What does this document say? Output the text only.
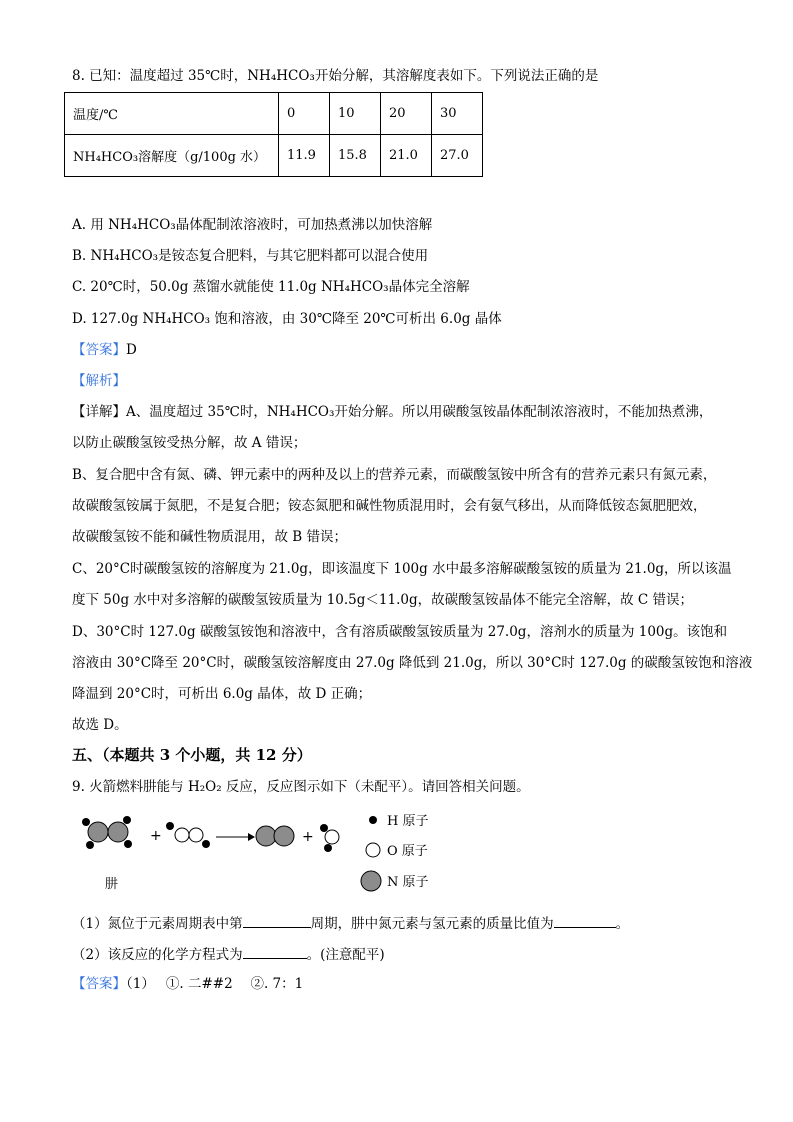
8. 已知：温度超过 35℃时，NH₄HCO₃开始分解，其溶解度表如下。下列说法正确的是
温度/℃	0	10	20	30
NH₄HCO₃溶解度（g/100g 水）	11.9	15.8	21.0	27.0
A. 用 NH₄HCO₃晶体配制浓溶液时，可加热煮沸以加快溶解
B. NH₄HCO₃是铵态复合肥料，与其它肥料都可以混合使用
C. 20℃时，50.0g 蒸馏水就能使 11.0g NH₄HCO₃晶体完全溶解
D. 127.0g NH₄HCO₃ 饱和溶液，由 30℃降至 20℃可析出 6.0g 晶体
【答案】D
【解析】
【详解】A、温度超过 35℃时，NH₄HCO₃开始分解。所以用碳酸氢铵晶体配制浓溶液时，不能加热煮沸，
以防止碳酸氢铵受热分解，故 A 错误；
B、复合肥中含有氮、磷、钾元素中的两种及以上的营养元素，而碳酸氢铵中所含有的营养元素只有氮元素，
故碳酸氢铵属于氮肥，不是复合肥；铵态氮肥和碱性物质混用时，会有氨气移出，从而降低铵态氮肥肥效，
故碳酸氢铵不能和碱性物质混用，故 B 错误；
C、20°C时碳酸氢铵的溶解度为 21.0g，即该温度下 100g 水中最多溶解碳酸氢铵的质量为 21.0g，所以该温
度下 50g 水中对多溶解的碳酸氢铵质量为 10.5g＜11.0g，故碳酸氢铵晶体不能完全溶解，故 C 错误；
D、30°C时 127.0g 碳酸氢铵饱和溶液中，含有溶质碳酸氢铵质量为 27.0g，溶剂水的质量为 100g。该饱和
溶液由 30°C降至 20°C时，碳酸氢铵溶解度由 27.0g 降低到 21.0g，所以 30°C时 127.0g 的碳酸氢铵饱和溶液
降温到 20°C时，可析出 6.0g 晶体，故 D 正确；
故选 D。
五、（本题共 3 个小题，共 12 分）
9. 火箭燃料肼能与 H₂O₂ 反应，反应图示如下（未配平）。请回答相关问题。
+	+
H 原子
O 原子
N 原子
肼
（1）氮位于元素周期表中第	周期，肼中氮元素与氢元素的质量比值为	。
（2）该反应的化学方程式为	。(注意配平)
【答案】（1）　 ①. 二##2　 ②. 7：1
